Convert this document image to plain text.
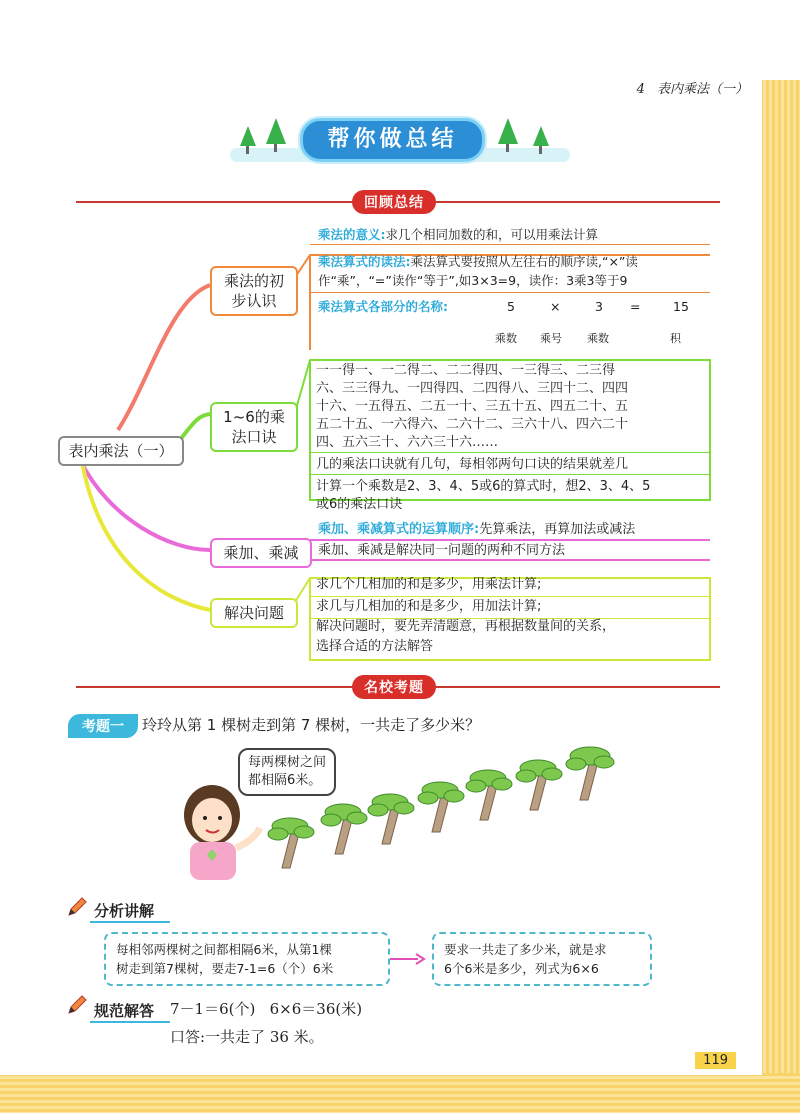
4 表内乘法（一）
帮你做总结
回顾总结
表内乘法（一）
乘法的初
步认识
乘法的意义:求几个相同加数的和，可以用乘法计算
乘法算式的读法:乘法算式要按照从左往右的顺序读,“×”读
作“乘”，“=”读作“等于”,如3×3=9，读作：3乘3等于9
乘法算式各部分的名称:	5	×	3 =	15
乘数 乘号 乘数	积
1~6的乘
法口诀
一一得一、一二得二、二二得四、一三得三、二三得
六、三三得九、一四得四、二四得八、三四十二、四四
十六、一五得五、二五一十、三五十五、四五二十、五
五二十五、一六得六、二六十二、三六十八、四六二十
四、五六三十、六六三十六……
几的乘法口诀就有几句，每相邻两句口诀的结果就差几
计算一个乘数是2、3、4、5或6的算式时，想2、3、4、5
或6的乘法口诀
乘加、乘减
乘加、乘减算式的运算顺序:先算乘法，再算加法或减法
乘加、乘减是解决同一问题的两种不同方法
解决问题
求几个几相加的和是多少，用乘法计算;
求几与几相加的和是多少，用加法计算;
解决问题时，要先弄清题意，再根据数量间的关系，
选择合适的方法解答
名校考题
考题一	玲玲从第 1 棵树走到第 7 棵树，一共走了多少米？
每两棵树之间
都相隔6米。
分析讲解
每相邻两棵树之间都相隔6米，从第1棵
树走到第7棵树，要走7-1=6（个）6米
要求一共走了多少米，就是求
6个6米是多少，列式为6×6
规范解答 7－1＝6(个)   6×6＝36(米)
口答:一共走了 36 米。
119
